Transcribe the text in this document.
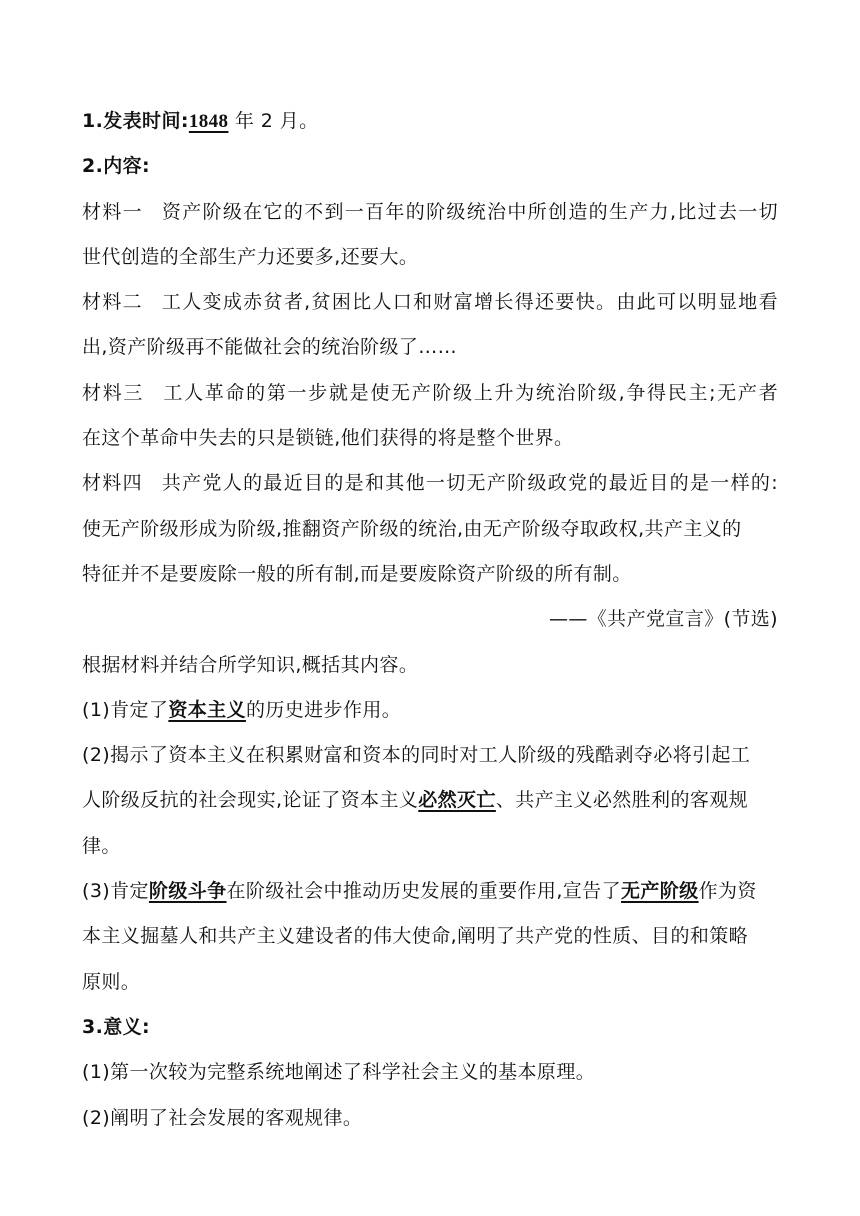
1.发表时间:1848 年 2 月。
2.内容:
材料一 资产阶级在它的不到一百年的阶级统治中所创造的生产力,比过去一切
世代创造的全部生产力还要多,还要大。
材料二 工人变成赤贫者,贫困比人口和财富增长得还要快。由此可以明显地看
出,资产阶级再不能做社会的统治阶级了……
材料三 工人革命的第一步就是使无产阶级上升为统治阶级,争得民主;无产者
在这个革命中失去的只是锁链,他们获得的将是整个世界。
材料四 共产党人的最近目的是和其他一切无产阶级政党的最近目的是一样的:
使无产阶级形成为阶级,推翻资产阶级的统治,由无产阶级夺取政权,共产主义的
特征并不是要废除一般的所有制,而是要废除资产阶级的所有制。
——《共产党宣言》(节选)
根据材料并结合所学知识,概括其内容。
(1)肯定了资本主义的历史进步作用。
(2)揭示了资本主义在积累财富和资本的同时对工人阶级的残酷剥夺必将引起工
人阶级反抗的社会现实,论证了资本主义必然灭亡、共产主义必然胜利的客观规
律。
(3)肯定阶级斗争在阶级社会中推动历史发展的重要作用,宣告了无产阶级作为资
本主义掘墓人和共产主义建设者的伟大使命,阐明了共产党的性质、目的和策略
原则。
3.意义:
(1)第一次较为完整系统地阐述了科学社会主义的基本原理。
(2)阐明了社会发展的客观规律。
